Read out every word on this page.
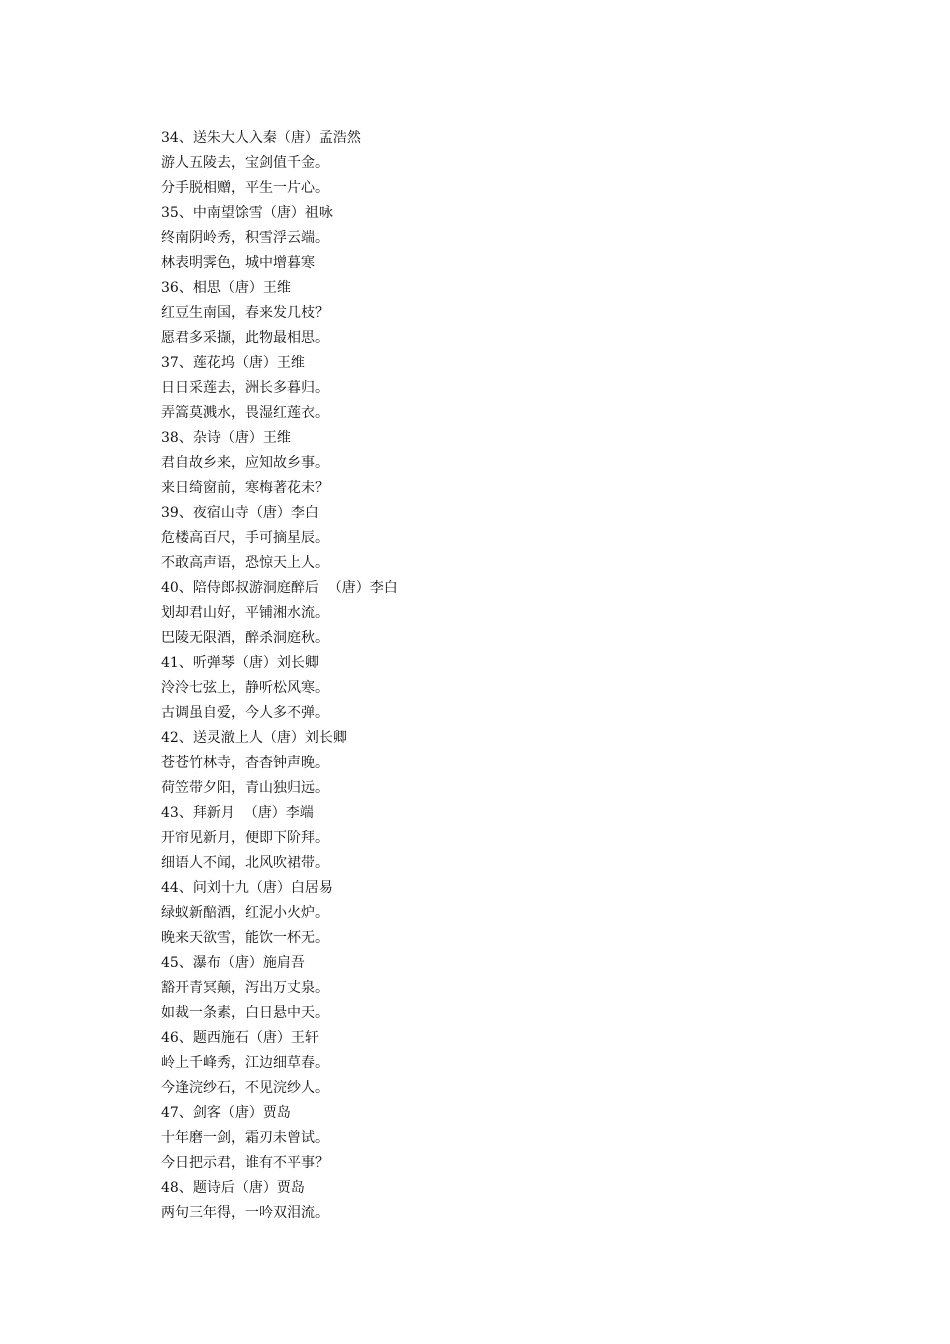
34、送朱大人入秦（唐）孟浩然
游人五陵去，宝剑值千金。
分手脱相赠，平生一片心。
35、中南望馀雪（唐）祖咏
终南阴岭秀，积雪浮云端。
林表明霁色，城中增暮寒
36、相思（唐）王维
红豆生南国，春来发几枝？
愿君多采撷，此物最相思。
37、莲花坞（唐）王维
日日采莲去，洲长多暮归。
弄篙莫溅水，畏湿红莲衣。
38、杂诗（唐）王维
君自故乡来，应知故乡事。
来日绮窗前，寒梅著花未？
39、夜宿山寺（唐）李白
危楼高百尺，手可摘星辰。
不敢高声语，恐惊天上人。
40、陪侍郎叔游洞庭醉后  （唐）李白
划却君山好，平铺湘水流。
巴陵无限酒，醉杀洞庭秋。
41、听弹琴（唐）刘长卿
泠泠七弦上，静听松风寒。
古调虽自爱，今人多不弹。
42、送灵澈上人（唐）刘长卿
苍苍竹林寺，杳杳钟声晚。
荷笠带夕阳，青山独归远。
43、拜新月  （唐）李端
开帘见新月，便即下阶拜。
细语人不闻，北风吹裙带。
44、问刘十九（唐）白居易
绿蚁新醅酒，红泥小火炉。
晚来天欲雪，能饮一杯无。
45、瀑布（唐）施肩吾
豁开青冥颠，泻出万丈泉。
如裁一条素，白日悬中天。
46、题西施石（唐）王轩
岭上千峰秀，江边细草春。
今逢浣纱石，不见浣纱人。
47、剑客（唐）贾岛
十年磨一剑，霜刃未曾试。
今日把示君，谁有不平事？
48、题诗后（唐）贾岛
两句三年得，一吟双泪流。
